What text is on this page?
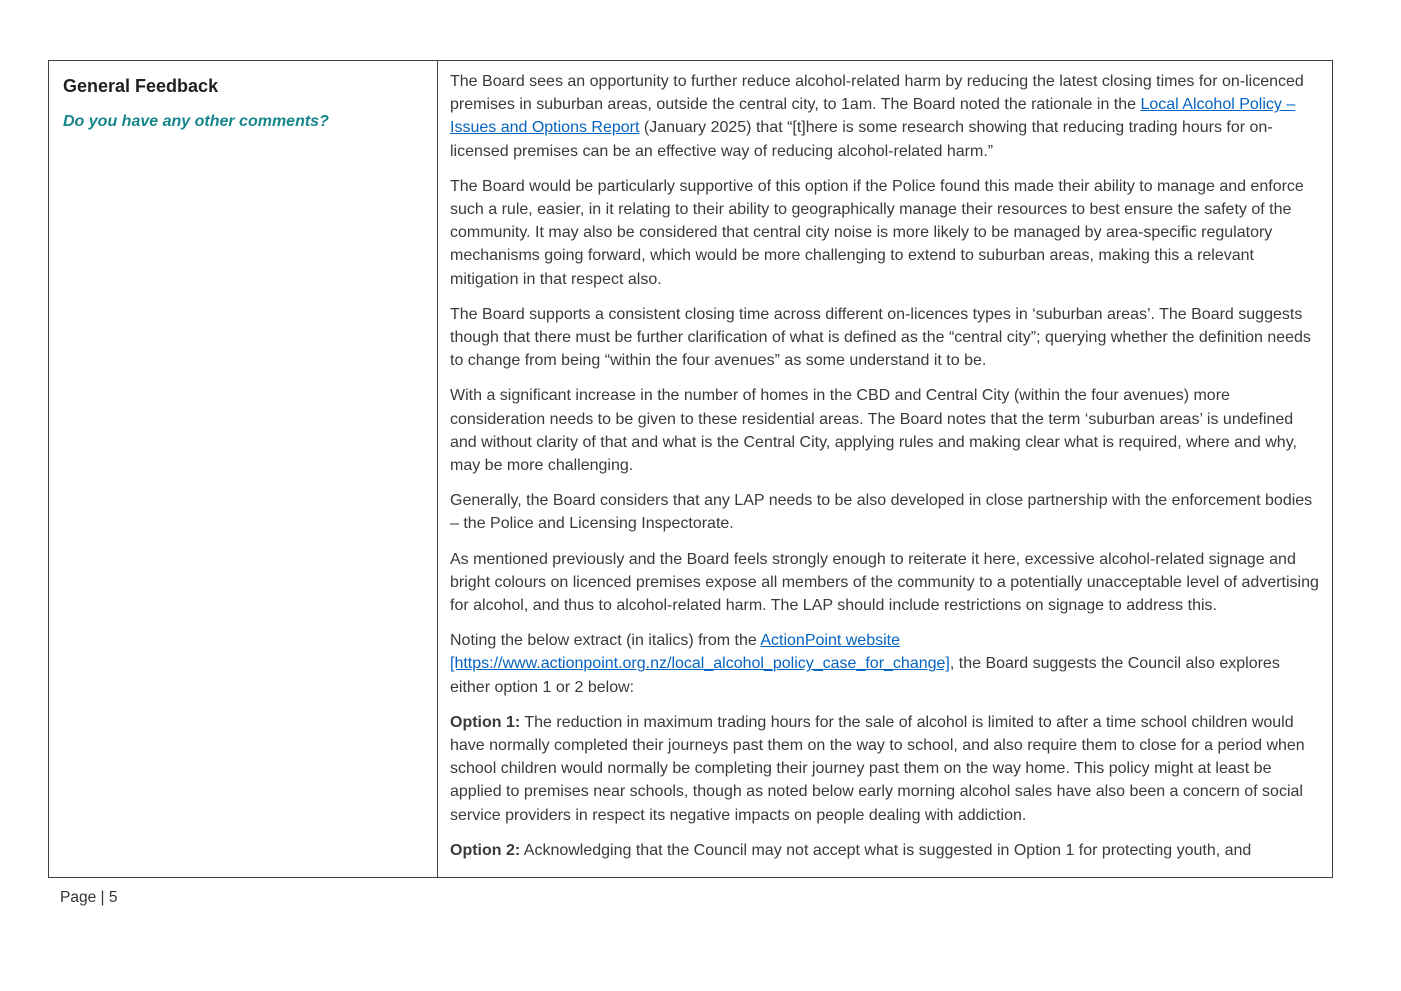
General Feedback
Do you have any other comments?

The Board sees an opportunity to further reduce alcohol-related harm by reducing the latest closing times for on-licenced premises in suburban areas, outside the central city, to 1am. The Board noted the rationale in the Local Alcohol Policy – Issues and Options Report (January 2025) that “[t]here is some research showing that reducing trading hours for on-licensed premises can be an effective way of reducing alcohol-related harm.”

The Board would be particularly supportive of this option if the Police found this made their ability to manage and enforce such a rule, easier, in it relating to their ability to geographically manage their resources to best ensure the safety of the community. It may also be considered that central city noise is more likely to be managed by area-specific regulatory mechanisms going forward, which would be more challenging to extend to suburban areas, making this a relevant mitigation in that respect also.

The Board supports a consistent closing time across different on-licences types in ‘suburban areas’. The Board suggests though that there must be further clarification of what is defined as the “central city”; querying whether the definition needs to change from being “within the four avenues” as some understand it to be.

With a significant increase in the number of homes in the CBD and Central City (within the four avenues) more consideration needs to be given to these residential areas. The Board notes that the term ‘suburban areas’ is undefined and without clarity of that and what is the Central City, applying rules and making clear what is required, where and why, may be more challenging.

Generally, the Board considers that any LAP needs to be also developed in close partnership with the enforcement bodies – the Police and Licensing Inspectorate.

As mentioned previously and the Board feels strongly enough to reiterate it here, excessive alcohol-related signage and bright colours on licenced premises expose all members of the community to a potentially unacceptable level of advertising for alcohol, and thus to alcohol-related harm. The LAP should include restrictions on signage to address this.

Noting the below extract (in italics) from the ActionPoint website [https://www.actionpoint.org.nz/local_alcohol_policy_case_for_change], the Board suggests the Council also explores either option 1 or 2 below:

Option 1: The reduction in maximum trading hours for the sale of alcohol is limited to after a time school children would have normally completed their journeys past them on the way to school, and also require them to close for a period when school children would normally be completing their journey past them on the way home. This policy might at least be applied to premises near schools, though as noted below early morning alcohol sales have also been a concern of social service providers in respect its negative impacts on people dealing with addiction.

Option 2: Acknowledging that the Council may not accept what is suggested in Option 1 for protecting youth, and

Page | 5
